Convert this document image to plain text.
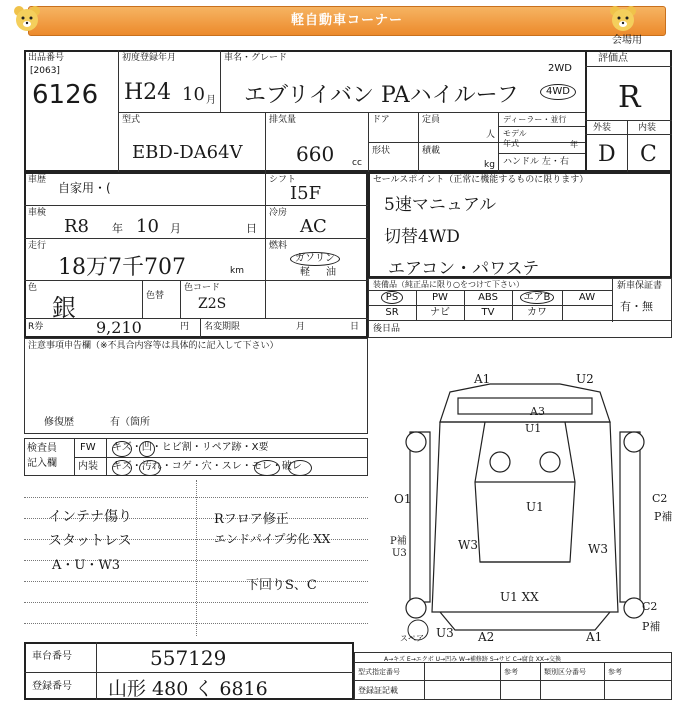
軽自動車コーナー
会場用
出品番号
[2063]
6126
初度登録年月
H24 10 月
車名・グレード
エブリイバン PAハイルーフ
2WD
4WD
評価点
R
外装	内装
D C
型式
EBD-DA64V
排気量
660 cc
ドア	定員
人
ディーラー・並行
モデル
年式	年
形状	積載
kg ハンドル 左・右
車歴
自家用・(
シフト
I5F
車検
R8 年 10 月	日
冷房
AC
走行
18万7千707	km
燃料
ガソリン
軽 油
色
銀	色替
色コード
Z2S
R券	9,210	円 名変期限	月	日
注意事項申告欄（※不具合内容等は具体的に記入して下さい）
修復歴	有（箇所
検査員
記入欄
FW キズ・凹・ヒビ割・リペア跡・X要
内装 キズ・汚れ・コゲ・穴・スレ・モレ・破レ
インテナ傷り
スタットレス
A・U・W3
Rフロア修正
エンドパイプ劣化 XX
下回りS、C
セールスポイント（正常に機能するものに限ります）
5速マニュアル
切替4WD
エアコン・パワステ
装備品（純正品に限り○をつけて下さい）	新車保証書
有・無
PS	PW	ABS	エアB	AW
SR	ナビ	TV	カワ
後日品
A1	U2
A3
U1
U1
O1
W3
U1 XX
P補
U3
C2
P補
W3
C2
P補
U3 A2	A1
スペア
A→キズ E→エクボ U→凹み W→補修跡 S→サビ C→腐食 XX→交換
型式指定番号	参考	類別区分番号	参考
登録証記載
車台番号	557129
登録番号 山形 480 く 6816
